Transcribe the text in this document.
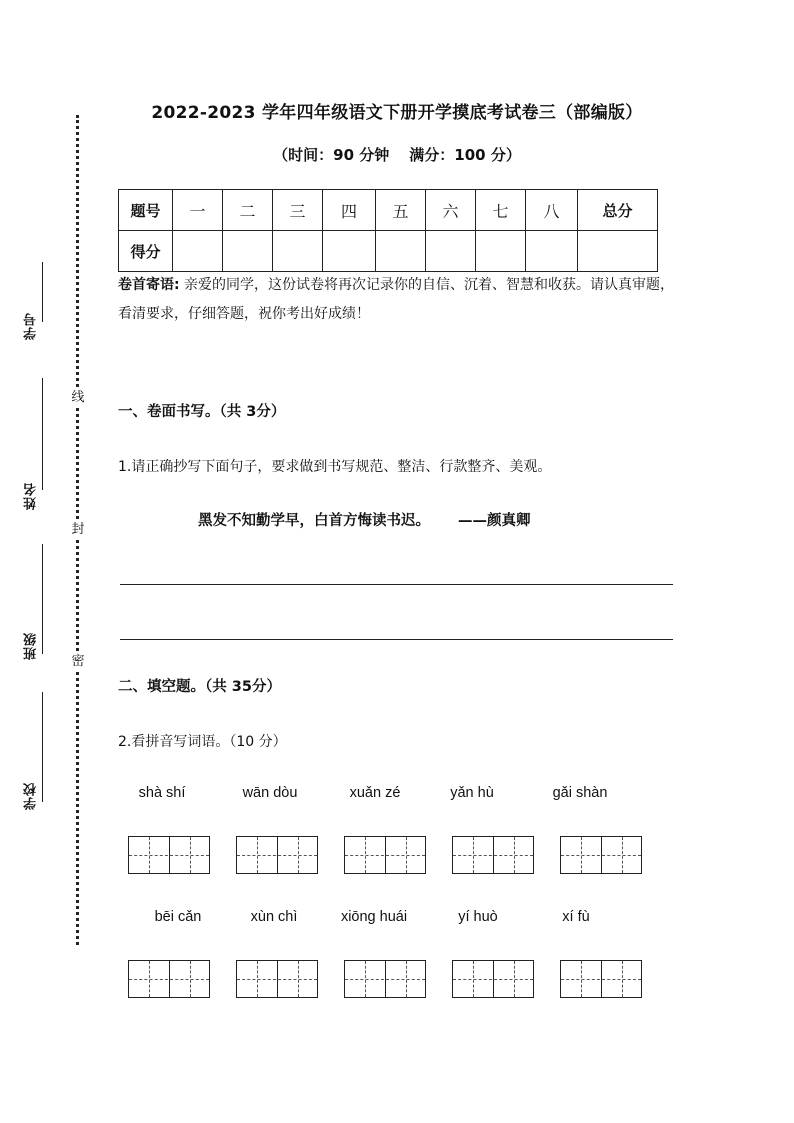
线
封
密
学号
姓名
班级
学校
2022-2023 学年四年级语文下册开学摸底考试卷三（部编版）
（时间：90 分钟 满分：100 分）
题号	一	二	三	四	五	六	七	八	总分
得分									
卷首寄语: 亲爱的同学，这份试卷将再次记录你的自信、沉着、智慧和收获。请认真审题，看清要求，仔细答题，祝你考出好成绩！
一、卷面书写。（共 3分）
1.请正确抄写下面句子，要求做到书写规范、整洁、行款整齐、美观。
黑发不知勤学早，白首方悔读书迟。 ——颜真卿
二、填空题。（共 35分）
2.看拼音写词语。（10 分）
shà shí	wān dòu	xuǎn zé	yǎn hù	gǎi shàn
bēi cǎn	xùn chì	xiōng huái	yí huò	xí fù
